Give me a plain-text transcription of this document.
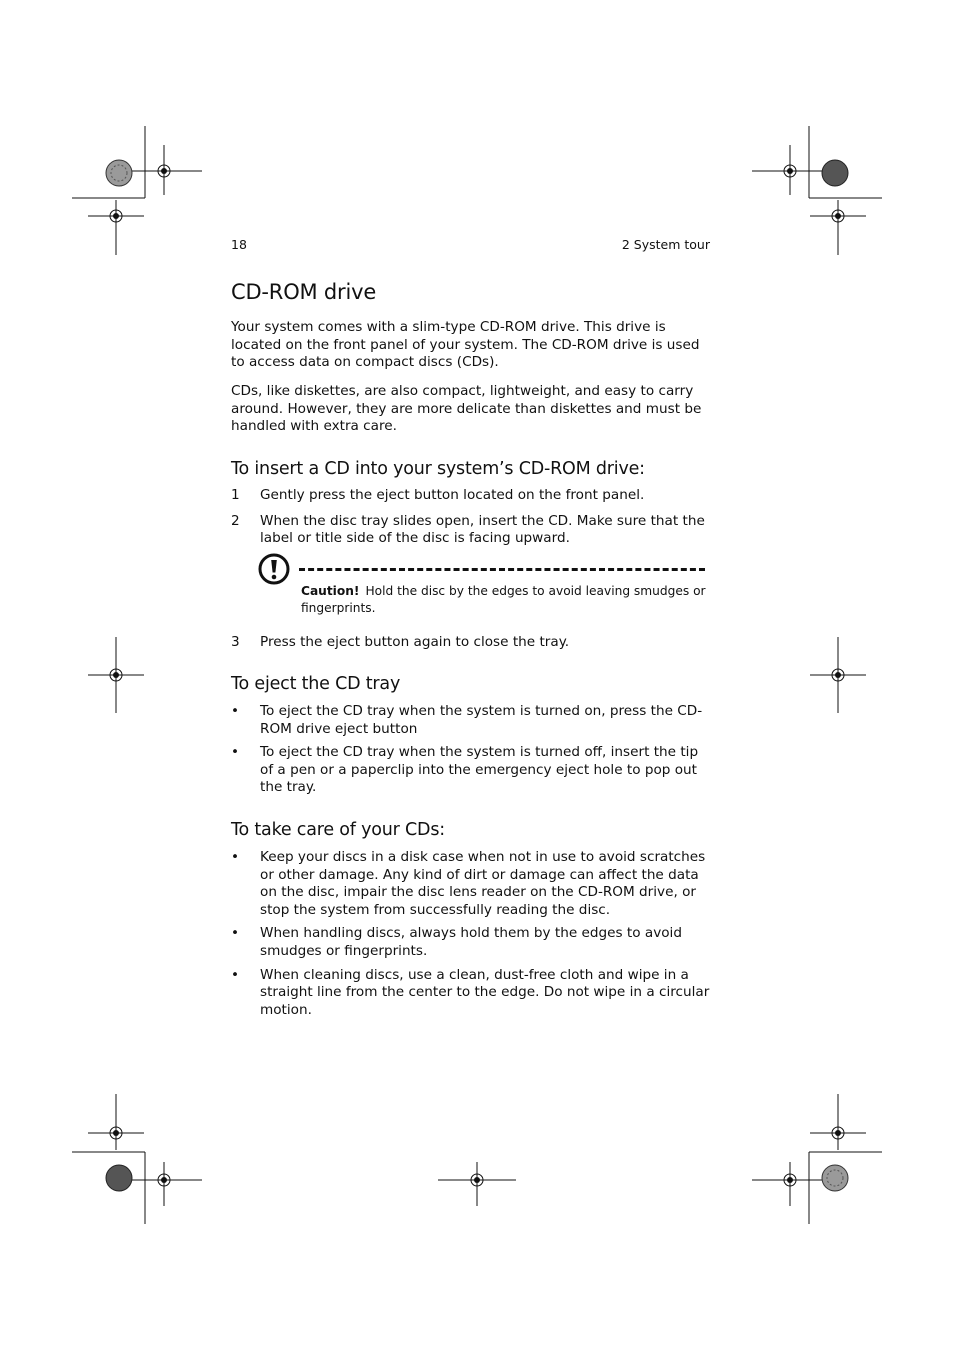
18	2 System tour
CD-ROM drive

Your system comes with a slim-type CD-ROM drive. This drive is located on the front panel of your system. The CD-ROM drive is used to access data on compact discs (CDs).

CDs, like diskettes, are also compact, lightweight, and easy to carry around. However, they are more delicate than diskettes and must be handled with extra care.

To insert a CD into your system’s CD-ROM drive:
1	Gently press the eject button located on the front panel.
2	When the disc tray slides open, insert the CD. Make sure that the label or title side of the disc is facing upward.
Caution! Hold the disc by the edges to avoid leaving smudges or fingerprints.
3	Press the eject button again to close the tray.
To eject the CD tray
•	To eject the CD tray when the system is turned on, press the CD-ROM drive eject button
•	To eject the CD tray when the system is turned off, insert the tip of a pen or a paperclip into the emergency eject hole to pop out the tray.
To take care of your CDs:
•	Keep your discs in a disk case when not in use to avoid scratches or other damage. Any kind of dirt or damage can affect the data on the disc, impair the disc lens reader on the CD-ROM drive, or stop the system from successfully reading the disc.
•	When handling discs, always hold them by the edges to avoid smudges or fingerprints.
•	When cleaning discs, use a clean, dust-free cloth and wipe in a straight line from the center to the edge. Do not wipe in a circular motion.
